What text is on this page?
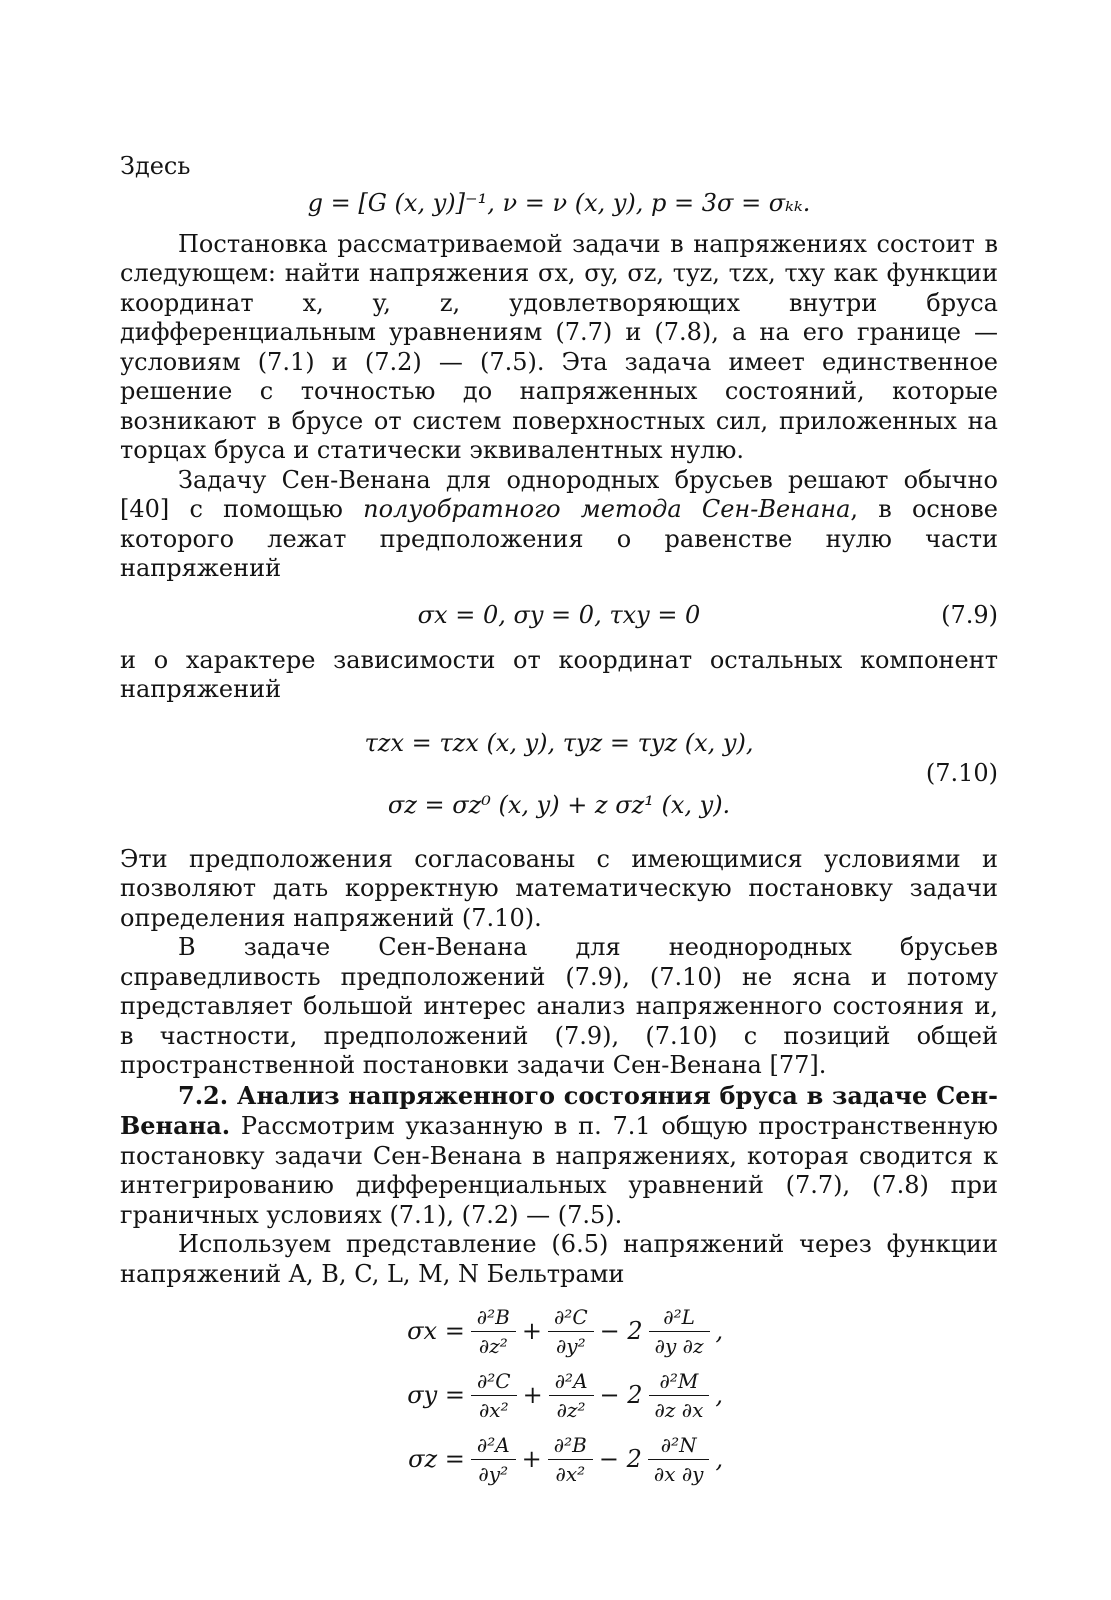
Здесь

g = [G (x, y)]⁻¹, ν = ν (x, y), p = 3σ = σₖₖ.

Постановка рассматриваемой задачи в напряжениях состоит в следующем: найти напряжения σx, σy, σz, τyz, τzx, τxy как функции координат x, y, z, удовлетворяющих внутри бруса дифференциальным уравнениям (7.7) и (7.8), а на его границе — условиям (7.1) и (7.2) — (7.5). Эта задача имеет единственное решение с точностью до напряженных состояний, которые возникают в брусе от систем поверхностных сил, приложенных на торцах бруса и статически эквивалентных нулю.

Задачу Сен-Венана для однородных брусьев решают обычно [40] с помощью полуобратного метода Сен-Венана, в основе которого лежат предположения о равенстве нулю части напряжений

σx = 0, σy = 0, τxy = 0	(7.9)

и о характере зависимости от координат остальных компонент напряжений

τzx = τzx (x, y), τyz = τyz (x, y),
σz = σz⁰ (x, y) + z σz¹ (x, y).
(7.10)

Эти предположения согласованы с имеющимися условиями и позволяют дать корректную математическую постановку задачи определения напряжений (7.10).

В задаче Сен-Венана для неоднородных брусьев справедливость предположений (7.9), (7.10) не ясна и потому представляет большой интерес анализ напряженного состояния и, в частности, предположений (7.9), (7.10) с позиций общей пространственной постановки задачи Сен-Венана [77].

7.2. Анализ напряженного состояния бруса в задаче Сен-Венана. Рассмотрим указанную в п. 7.1 общую пространственную постановку задачи Сен-Венана в напряжениях, которая сводится к интегрированию дифференциальных уравнений (7.7), (7.8) при граничных условиях (7.1), (7.2) — (7.5).

Используем представление (6.5) напряжений через функции напряжений A, B, C, L, M, N Бельтрами

$\sigma x = \frac{\text{∂²B}}{\text{∂z²}} + \frac{\text{∂²C}}{\text{∂y²}} - 2 \frac{\text{∂²L}}{\partial y \partial z}$ ,
$\sigma y = \frac{\text{∂²C}}{\text{∂x²}} + \frac{\text{∂²A}}{\text{∂z²}} - 2 \frac{\text{∂²M}}{\partial z \partial x}$ ,
$\sigma z = \frac{\text{∂²A}}{\text{∂y²}} + \frac{\text{∂²B}}{\text{∂x²}} - 2 \frac{\text{∂²N}}{\partial x \partial y}$ ,
